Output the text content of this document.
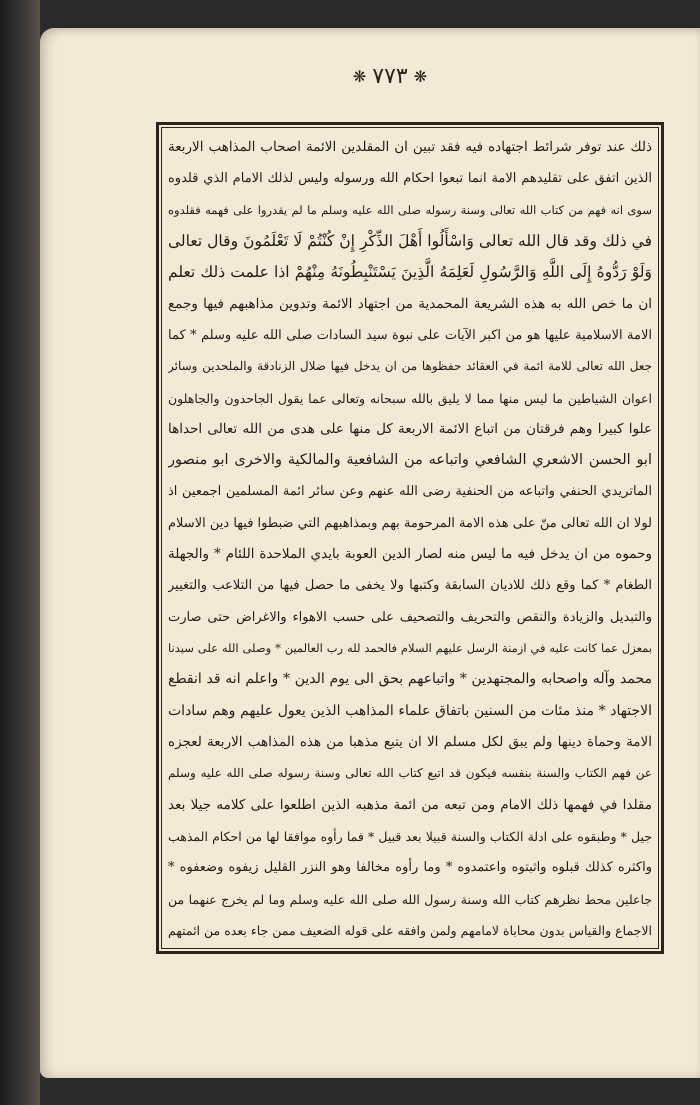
❋
٧٧٣
❋
ذلك عند توفر شرائط اجتهاده فيه فقد تبين ان المقلدين الائمة اصحاب المذاهب الاربعة
الذين اتفق على تقليدهم الامة انما تبعوا احكام الله ورسوله وليس لذلك الامام الذي قلدوه
سوى انه فهم من كتاب الله تعالى وسنة رسوله صلى الله عليه وسلم ما لم يقدروا على فهمه فقلدوه
في ذلك وقد قال الله تعالى وَاسْأَلُوا أَهْلَ الذِّكْرِ إِنْ كُنْتُمْ لَا تَعْلَمُونَ وقال تعالى
وَلَوْ رَدُّوهُ إِلَى اللَّهِ وَالرَّسُولِ لَعَلِمَهُ الَّذِينَ يَسْتَنْبِطُونَهُ مِنْهُمْ اذا علمت ذلك تعلم
ان ما خص الله به هذه الشريعة المحمدية من اجتهاد الائمة وتدوين مذاهبهم فيها وجمع
الامة الاسلامية عليها هو من اكبر الآيات على نبوة سيد السادات صلى الله عليه وسلم * كما
جعل الله تعالى للامة ائمة في العقائد حفظوها من ان يدخل فيها ضلال الزنادقة والملحدين وسائر
اعوان الشياطين ما ليس منها مما لا يليق بالله سبحانه وتعالى عما يقول الجاحدون والجاهلون
علوا كبيرا وهم فرقتان من اتباع الائمة الاربعة كل منها على هدى من الله تعالى احداها
ابو الحسن الاشعري الشافعي واتباعه من الشافعية والمالكية والاخرى ابو منصور
الماتريدي الحنفي واتباعه من الحنفية رضى الله عنهم وعن سائر ائمة المسلمين اجمعين اذ
لولا ان الله تعالى منّ على هذه الامة المرحومة بهم وبمذاهبهم التي ضبطوا فيها دين الاسلام
وحموه من ان يدخل فيه ما ليس منه لصار الدين العوبة بايدي الملاحدة اللئام * والجهلة
الطغام * كما وقع ذلك للاديان السابقة وكتبها ولا يخفى ما حصل فيها من التلاعب والتغيير
والتبديل والزيادة والنقص والتحريف والتصحيف على حسب الاهواء والاغراض حتى صارت
بمعزل عما كانت عليه في ازمنة الرسل عليهم السلام فالحمد لله رب العالمين * وصلى الله على سيدنا
محمد وآله واصحابه والمجتهدين * واتباعهم بحق الى يوم الدين * واعلم انه قد انقطع
الاجتهاد * منذ مئات من السنين باتفاق علماء المذاهب الذين يعول عليهم وهم سادات
الامة وحماة دينها ولم يبق لكل مسلم الا ان يتبع مذهبا من هذه المذاهب الاربعة لعجزه
عن فهم الكتاب والسنة بنفسه فيكون قد اتبع كتاب الله تعالى وسنة رسوله صلى الله عليه وسلم
مقلدا في فهمها ذلك الامام ومن تبعه من ائمة مذهبه الذين اطلعوا على كلامه جيلا بعد
جيل * وطبقوه على ادلة الكتاب والسنة قبيلا بعد قبيل * فما رأوه موافقا لها من احكام المذهب
واكثره كذلك قبلوه واثبتوه واعتمدوه * وما رأوه مخالفا وهو النزر القليل زيفوه وضعفوه *
جاعلين محط نظرهم كتاب الله وسنة رسول الله صلى الله عليه وسلم وما لم يخرج عنهما من
الاجماع والقياس بدون محاباة لامامهم ولمن وافقه على قوله الضعيف ممن جاء بعده من ائمتهم
